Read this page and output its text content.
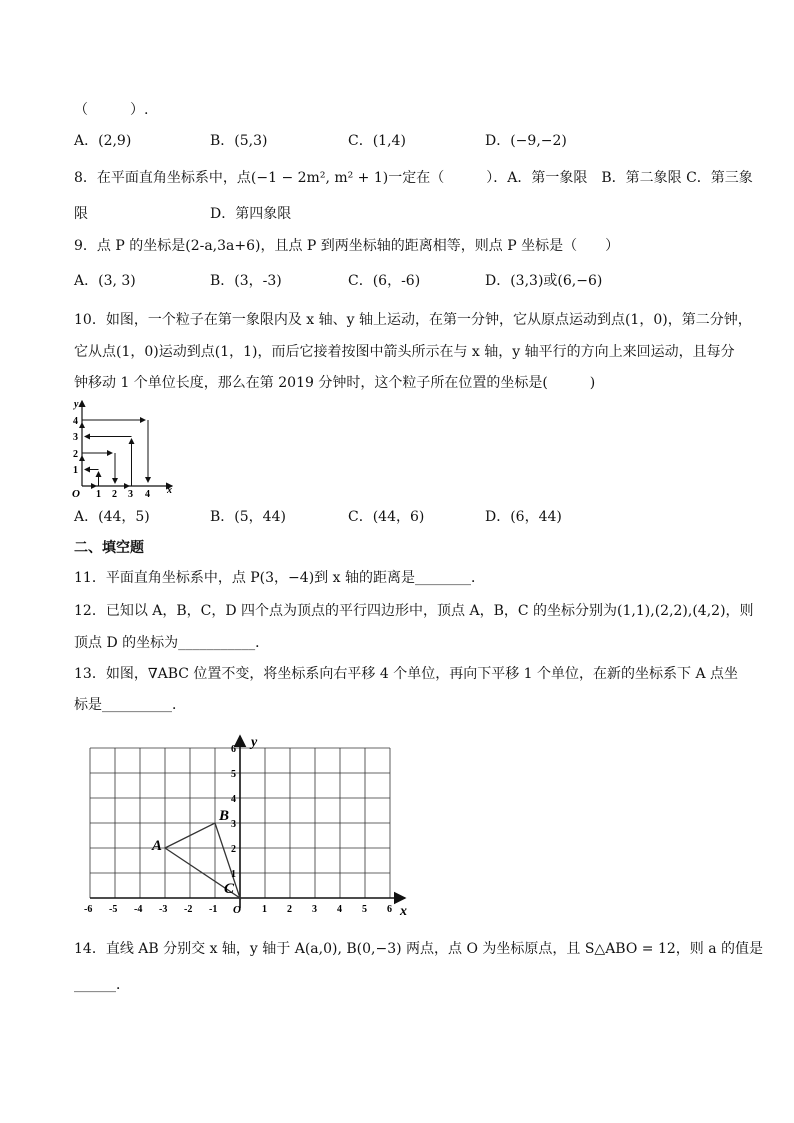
（　　　）.
A．(2,9)	B．(5,3)	C．(1,4)	D．(−9,−2)
8．在平面直角坐标系中，点(−1 − 2m², m² + 1)一定在（　　　）．A．第一象限　B．第二象限 C．第三象
限	D．第四象限
9．点 P 的坐标是(2-a,3a+6)，且点 P 到两坐标轴的距离相等，则点 P 坐标是（　　）
A．(3, 3)	B．(3，-3)	C．(6，-6)	D．(3,3)或(6,−6)
10．如图，一个粒子在第一象限内及 x 轴、y 轴上运动，在第一分钟，它从原点运动到点(1，0)，第二分钟，
它从点(1，0)运动到点(1，1)，而后它接着按图中箭头所示在与 x 轴，y 轴平行的方向上来回运动，且每分
钟移动 1 个单位长度，那么在第 2019 分钟时，这个粒子所在位置的坐标是(　　　)
y
x
O 1 2 3 4
1
2
3
4
A．(44，5)	B．(5，44)	C．(44，6)	D．(6，44)
二、填空题
11．平面直角坐标系中，点 P(3，−4)到 x 轴的距离是________．
12．已知以 A，B，C，D 四个点为顶点的平行四边形中，顶点 A，B，C 的坐标分别为(1,1),(2,2),(4,2)，则
顶点 D 的坐标为___________．
13．如图，∇ABC 位置不变，将坐标系向右平移 4 个单位，再向下平移 1 个单位，在新的坐标系下 A 点坐
标是__________．
A
B
C
x
y
O
-6 -5 -4 -3 -2 -1	1 2 3 4 5 6
1
2
3
4
5
6
14．直线 AB 分别交 x 轴，y 轴于 A(a,0), B(0,−3) 两点，点 O 为坐标原点，且 S△ABO = 12，则 a 的值是
______．
